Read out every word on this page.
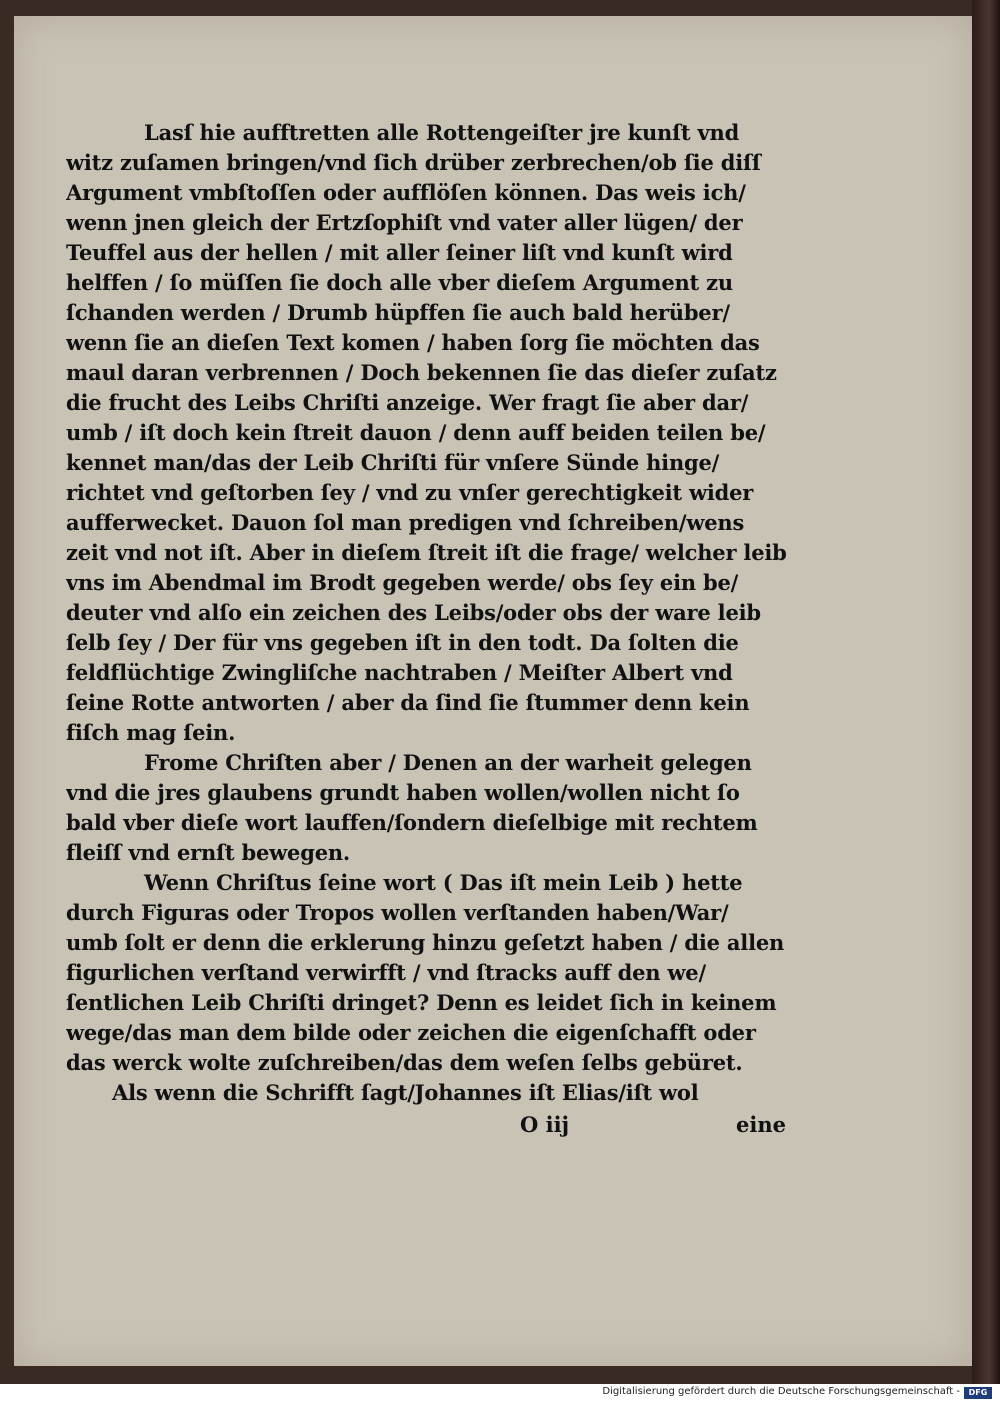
Lasſ hie aufftretten alle Rottengeiſter jre kunſt vnd
witz zuſamen bringen/vnd ſich drüber zerbrechen/ob ſie diſſ
Argument vmbſtoſſen oder aufflöſen können. Das weis ich/
wenn jnen gleich der Ertzſophiſt vnd vater aller lügen/ der
Teuffel aus der hellen / mit aller ſeiner liſt vnd kunſt wird
helffen / ſo müſſen ſie doch alle vber dieſem Argument zu
ſchanden werden / Drumb hüpffen ſie auch bald herüber/
wenn ſie an dieſen Text komen / haben ſorg ſie möchten das
maul daran verbrennen / Doch bekennen ſie das dieſer zuſatz
die frucht des Leibs Chriſti anzeige. Wer fragt ſie aber dar/
umb / iſt doch kein ſtreit dauon / denn auff beiden teilen be/
kennet man/das der Leib Chriſti für vnſere Sünde hinge/
richtet vnd geſtorben ſey / vnd zu vnſer gerechtigkeit wider
aufferwecket. Dauon ſol man predigen vnd ſchreiben/wens
zeit vnd not iſt. Aber in dieſem ſtreit iſt die frage/ welcher leib
vns im Abendmal im Brodt gegeben werde/ obs ſey ein be/
deuter vnd alſo ein zeichen des Leibs/oder obs der ware leib
ſelb ſey / Der für vns gegeben iſt in den todt. Da ſolten die
feldflüchtige Zwingliſche nachtraben / Meiſter Albert vnd
ſeine Rotte antworten / aber da ſind ſie ſtummer denn kein
fiſch mag ſein.
Frome Chriſten aber / Denen an der warheit gelegen
vnd die jres glaubens grundt haben wollen/wollen nicht ſo
bald vber dieſe wort lauffen/ſondern dieſelbige mit rechtem
fleiſſ vnd ernſt bewegen.
Wenn Chriſtus ſeine wort ( Das iſt mein Leib ) hette
durch Figuras oder Tropos wollen verſtanden haben/War/
umb ſolt er denn die erklerung hinzu geſetzt haben / die allen
figurlichen verſtand verwirfft / vnd ſtracks auff den we/
ſentlichen Leib Chriſti dringet? Denn es leidet ſich in keinem
wege/das man dem bilde oder zeichen die eigenſchafft oder
das werck wolte zuſchreiben/das dem weſen ſelbs gebüret.
Als wenn die Schrifft ſagt/Johannes iſt Elias/iſt wol
O iij	eine
Digitalisierung gefördert durch die Deutsche Forschungsgemeinschaft -	DFG
